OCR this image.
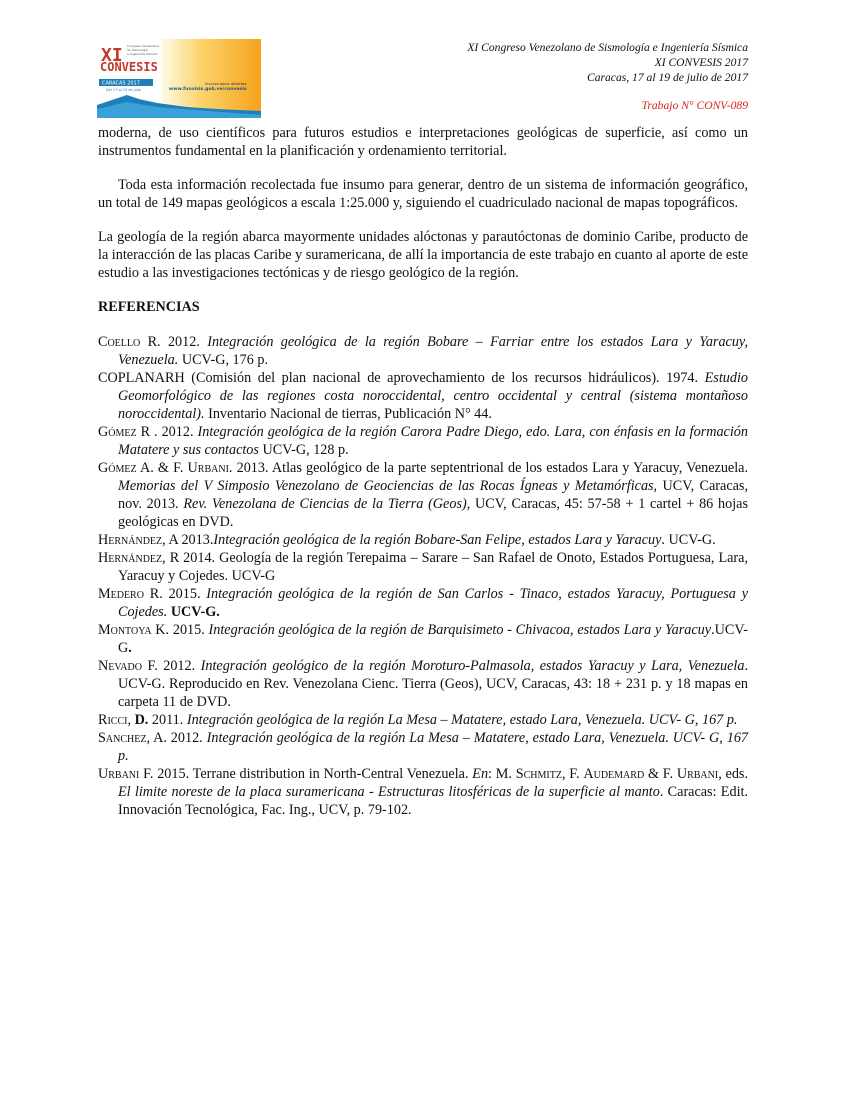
XI
CONVESIS
Congreso Venezolano
de Sismología
e Ingeniería Sísmica
CARACAS 2017
Del 17 al 19 de julio
inscripciones abiertas
www.funvisis.gob.ve/convesis
XI Congreso Venezolano de Sismología e Ingeniería Sísmica
XI CONVESIS 2017
Caracas, 17 al 19 de julio de 2017
Trabajo N° CONV-089

moderna, de uso científicos para futuros estudios e interpretaciones geológicas de superficie, así como un instrumentos fundamental en la planificación y ordenamiento territorial.

Toda esta información recolectada fue insumo para generar, dentro de un sistema de información geográfico, un total de 149 mapas geológicos a escala 1:25.000 y, siguiendo el cuadriculado nacional de mapas topográficos.

La geología de la región abarca mayormente unidades alóctonas y parautóctonas de dominio Caribe, producto de la interacción de las placas Caribe y suramericana, de allí la importancia de este trabajo en cuanto al aporte de este estudio a las investigaciones tectónicas y de riesgo geológico de la región.

REFERENCIAS

Coello R. 2012. Integración geológica de la región Bobare – Farriar entre los estados Lara y Yaracuy, Venezuela. UCV-G, 176 p.

COPLANARH (Comisión del plan nacional de aprovechamiento de los recursos hidráulicos). 1974. Estudio Geomorfológico de las regiones costa noroccidental, centro occidental y central (sistema montañoso noroccidental). Inventario Nacional de tierras, Publicación N° 44.

Gómez R . 2012. Integración geológica de la región Carora Padre Diego, edo. Lara, con énfasis en la formación Matatere y sus contactos UCV-G, 128 p.

Gómez A. & F. Urbani. 2013. Atlas geológico de la parte septentrional de los estados Lara y Yaracuy, Venezuela. Memorias del V Simposio Venezolano de Geociencias de las Rocas Ígneas y Metamórficas, UCV, Caracas, nov. 2013. Rev. Venezolana de Ciencias de la Tierra (Geos), UCV, Caracas, 45: 57-58 + 1 cartel + 86 hojas geológicas en DVD.

Hernández, A 2013.Integración geológica de la región Bobare-San Felipe, estados Lara y Yaracuy. UCV-G.

Hernández, R 2014. Geología de la región Terepaima – Sarare – San Rafael de Onoto, Estados Portuguesa, Lara, Yaracuy y Cojedes. UCV-G

Medero R. 2015. Integración geológica de la región de San Carlos - Tinaco, estados Yaracuy, Portuguesa y Cojedes. UCV-G.

Montoya K. 2015. Integración geológica de la región de Barquisimeto - Chivacoa, estados Lara y Yaracuy.UCV-G.

Nevado F. 2012. Integración geológico de la región Moroturo-Palmasola, estados Yaracuy y Lara, Venezuela. UCV-G. Reproducido en Rev. Venezolana Cienc. Tierra (Geos), UCV, Caracas, 43: 18 + 231 p. y 18 mapas en carpeta 11 de DVD.

Ricci, D. 2011. Integración geológica de la región La Mesa – Matatere, estado Lara, Venezuela. UCV- G, 167 p.

Sanchez, A. 2012. Integración geológica de la región La Mesa – Matatere, estado Lara, Venezuela. UCV- G, 167 p.

Urbani F. 2015. Terrane distribution in North-Central Venezuela. En: M. Schmitz, F. Audemard & F. Urbani, eds. El limite noreste de la placa suramericana - Estructuras litosféricas de la superficie al manto. Caracas: Edit. Innovación Tecnológica, Fac. Ing., UCV, p. 79-102.
